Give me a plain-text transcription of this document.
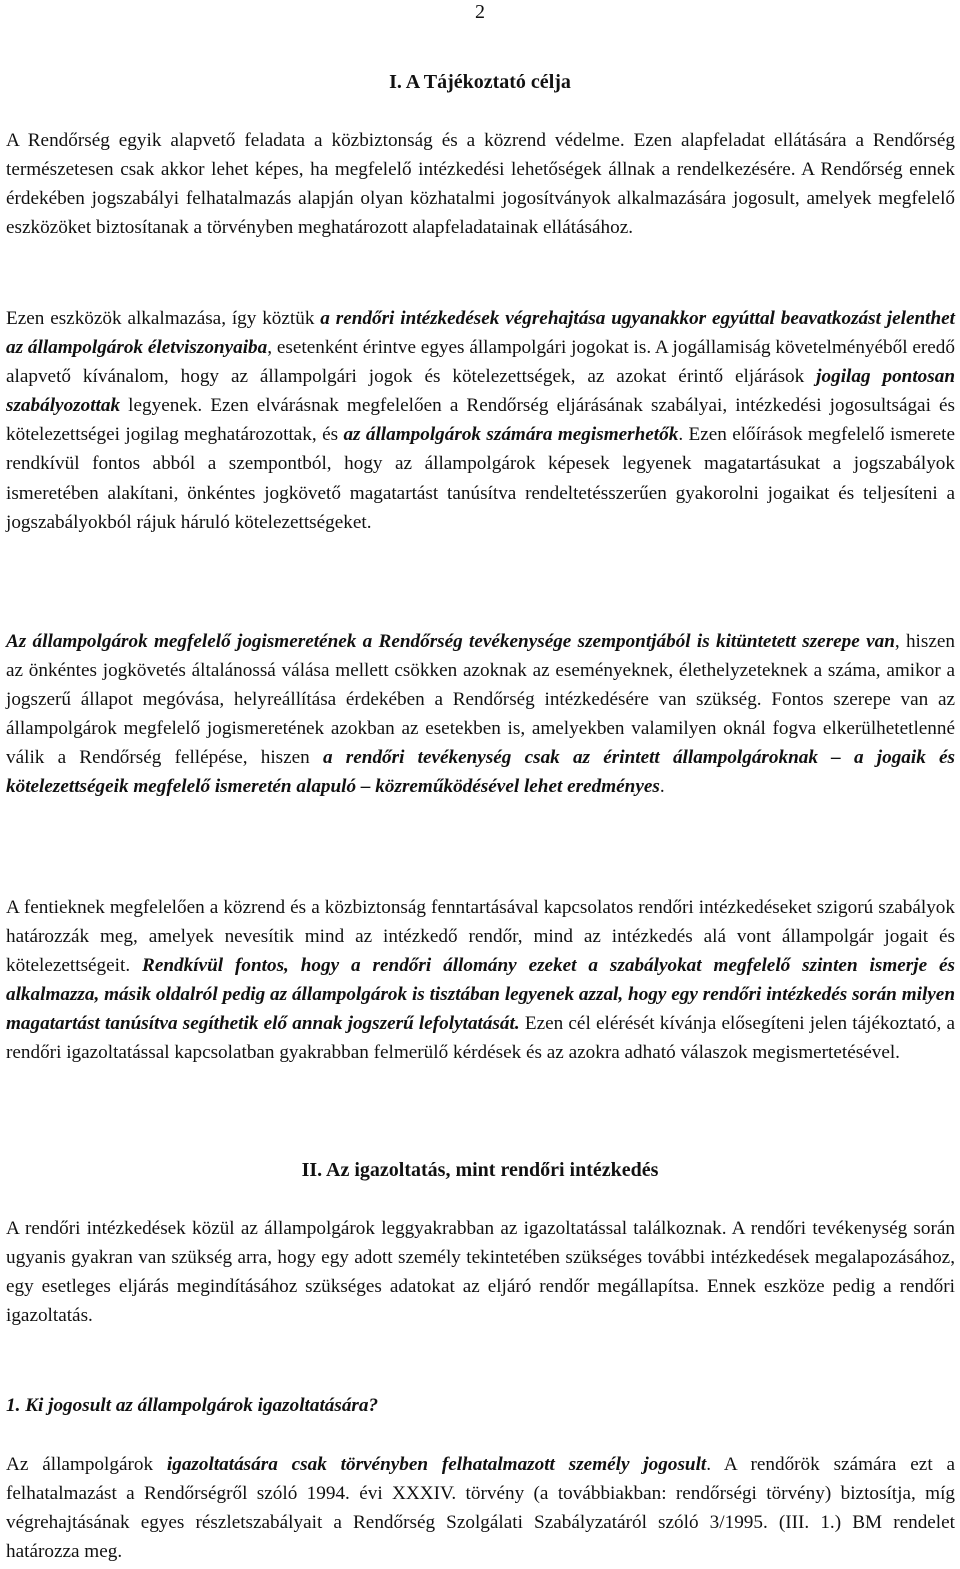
2

I. A Tájékoztató célja

A Rendőrség egyik alapvető feladata a közbiztonság és a közrend védelme. Ezen alapfeladat ellátására a Rendőrség természetesen csak akkor lehet képes, ha megfelelő intézkedési lehetőségek állnak a rendelkezésére. A Rendőrség ennek érdekében jogszabályi felhatalmazás alapján olyan közhatalmi jogosítványok alkalmazására jogosult, amelyek megfelelő eszközöket biztosítanak a törvényben meghatározott alapfeladatainak ellátásához.

Ezen eszközök alkalmazása, így köztük a rendőri intézkedések végrehajtása ugyanakkor egyúttal beavatkozást jelenthet az állampolgárok életviszonyaiba, esetenként érintve egyes állampolgári jogokat is. A jogállamiság követelményéből eredő alapvető kívánalom, hogy az állampolgári jogok és kötelezettségek, az azokat érintő eljárások jogilag pontosan szabályozottak legyenek. Ezen elvárásnak megfelelően a Rendőrség eljárásának szabályai, intézkedési jogosultságai és kötelezettségei jogilag meghatározottak, és az állampolgárok számára megismerhetők. Ezen előírások megfelelő ismerete rendkívül fontos abból a szempontból, hogy az állampolgárok képesek legyenek magatartásukat a jogszabályok ismeretében alakítani, önkéntes jogkövető magatartást tanúsítva rendeltetésszerűen gyakorolni jogaikat és teljesíteni a jogszabályokból rájuk háruló kötelezettségeket.

Az állampolgárok megfelelő jogismeretének a Rendőrség tevékenysége szempontjából is kitüntetett szerepe van, hiszen az önkéntes jogkövetés általánossá válása mellett csökken azoknak az eseményeknek, élethelyzeteknek a száma, amikor a jogszerű állapot megóvása, helyreállítása érdekében a Rendőrség intézkedésére van szükség. Fontos szerepe van az állampolgárok megfelelő jogismeretének azokban az esetekben is, amelyekben valamilyen oknál fogva elkerülhetetlenné válik a Rendőrség fellépése, hiszen a rendőri tevékenység csak az érintett állampolgároknak – a jogaik és kötelezettségeik megfelelő ismeretén alapuló – közreműködésével lehet eredményes.

A fentieknek megfelelően a közrend és a közbiztonság fenntartásával kapcsolatos rendőri intézkedéseket szigorú szabályok határozzák meg, amelyek nevesítik mind az intézkedő rendőr, mind az intézkedés alá vont állampolgár jogait és kötelezettségeit. Rendkívül fontos, hogy a rendőri állomány ezeket a szabályokat megfelelő szinten ismerje és alkalmazza, másik oldalról pedig az állampolgárok is tisztában legyenek azzal, hogy egy rendőri intézkedés során milyen magatartást tanúsítva segíthetik elő annak jogszerű lefolytatását. Ezen cél elérését kívánja elősegíteni jelen tájékoztató, a rendőri igazoltatással kapcsolatban gyakrabban felmerülő kérdések és az azokra adható válaszok megismertetésével.

II. Az igazoltatás, mint rendőri intézkedés

A rendőri intézkedések közül az állampolgárok leggyakrabban az igazoltatással találkoznak. A rendőri tevékenység során ugyanis gyakran van szükség arra, hogy egy adott személy tekintetében szükséges további intézkedések megalapozásához, egy esetleges eljárás megindításához szükséges adatokat az eljáró rendőr megállapítsa. Ennek eszköze pedig a rendőri igazoltatás.

1. Ki jogosult az állampolgárok igazoltatására?

Az állampolgárok igazoltatására csak törvényben felhatalmazott személy jogosult. A rendőrök számára ezt a felhatalmazást a Rendőrségről szóló 1994. évi XXXIV. törvény (a továbbiakban: rendőrségi törvény) biztosítja, míg végrehajtásának egyes részletszabályait a Rendőrség Szolgálati Szabályzatáról szóló 3/1995. (III. 1.) BM rendelet határozza meg.
